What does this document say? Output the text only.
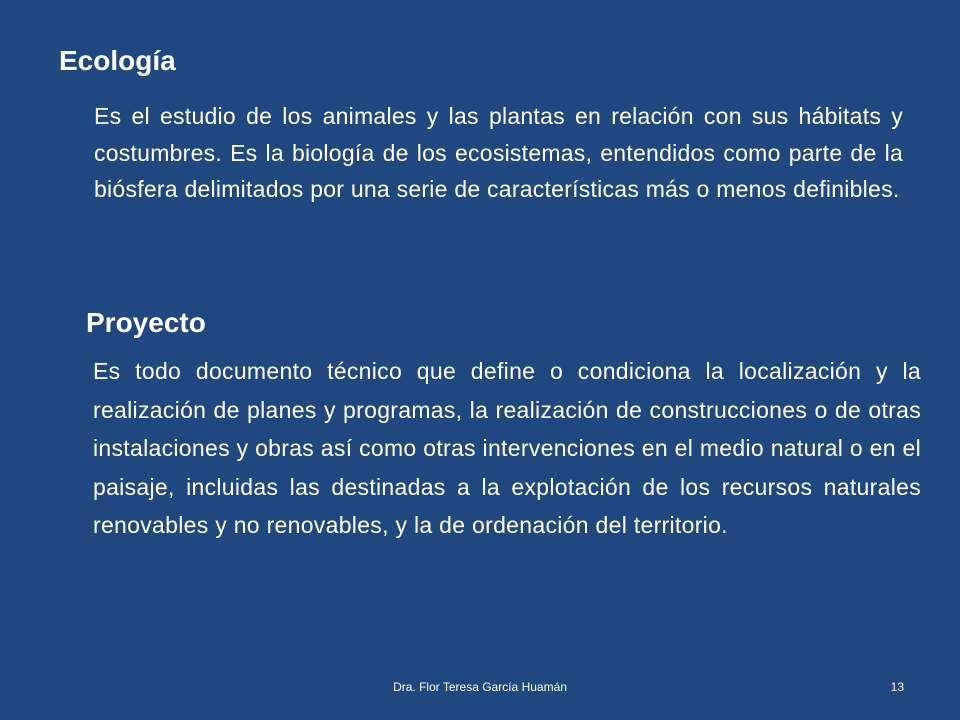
Ecología

Es el estudio de los animales y las plantas en relación con sus hábitats y costumbres. Es la biología de los ecosistemas, entendidos como parte de la biósfera delimitados por una serie de características más o menos definibles.

Proyecto

Es todo documento técnico que define o condiciona la localización y la realización de planes y programas, la realización de construcciones o de otras instalaciones y obras así como otras intervenciones en el medio natural o en el paisaje, incluidas las destinadas a la explotación de los recursos naturales renovables y no renovables, y la de ordenación del territorio.

Dra. Flor Teresa García Huamán	13
